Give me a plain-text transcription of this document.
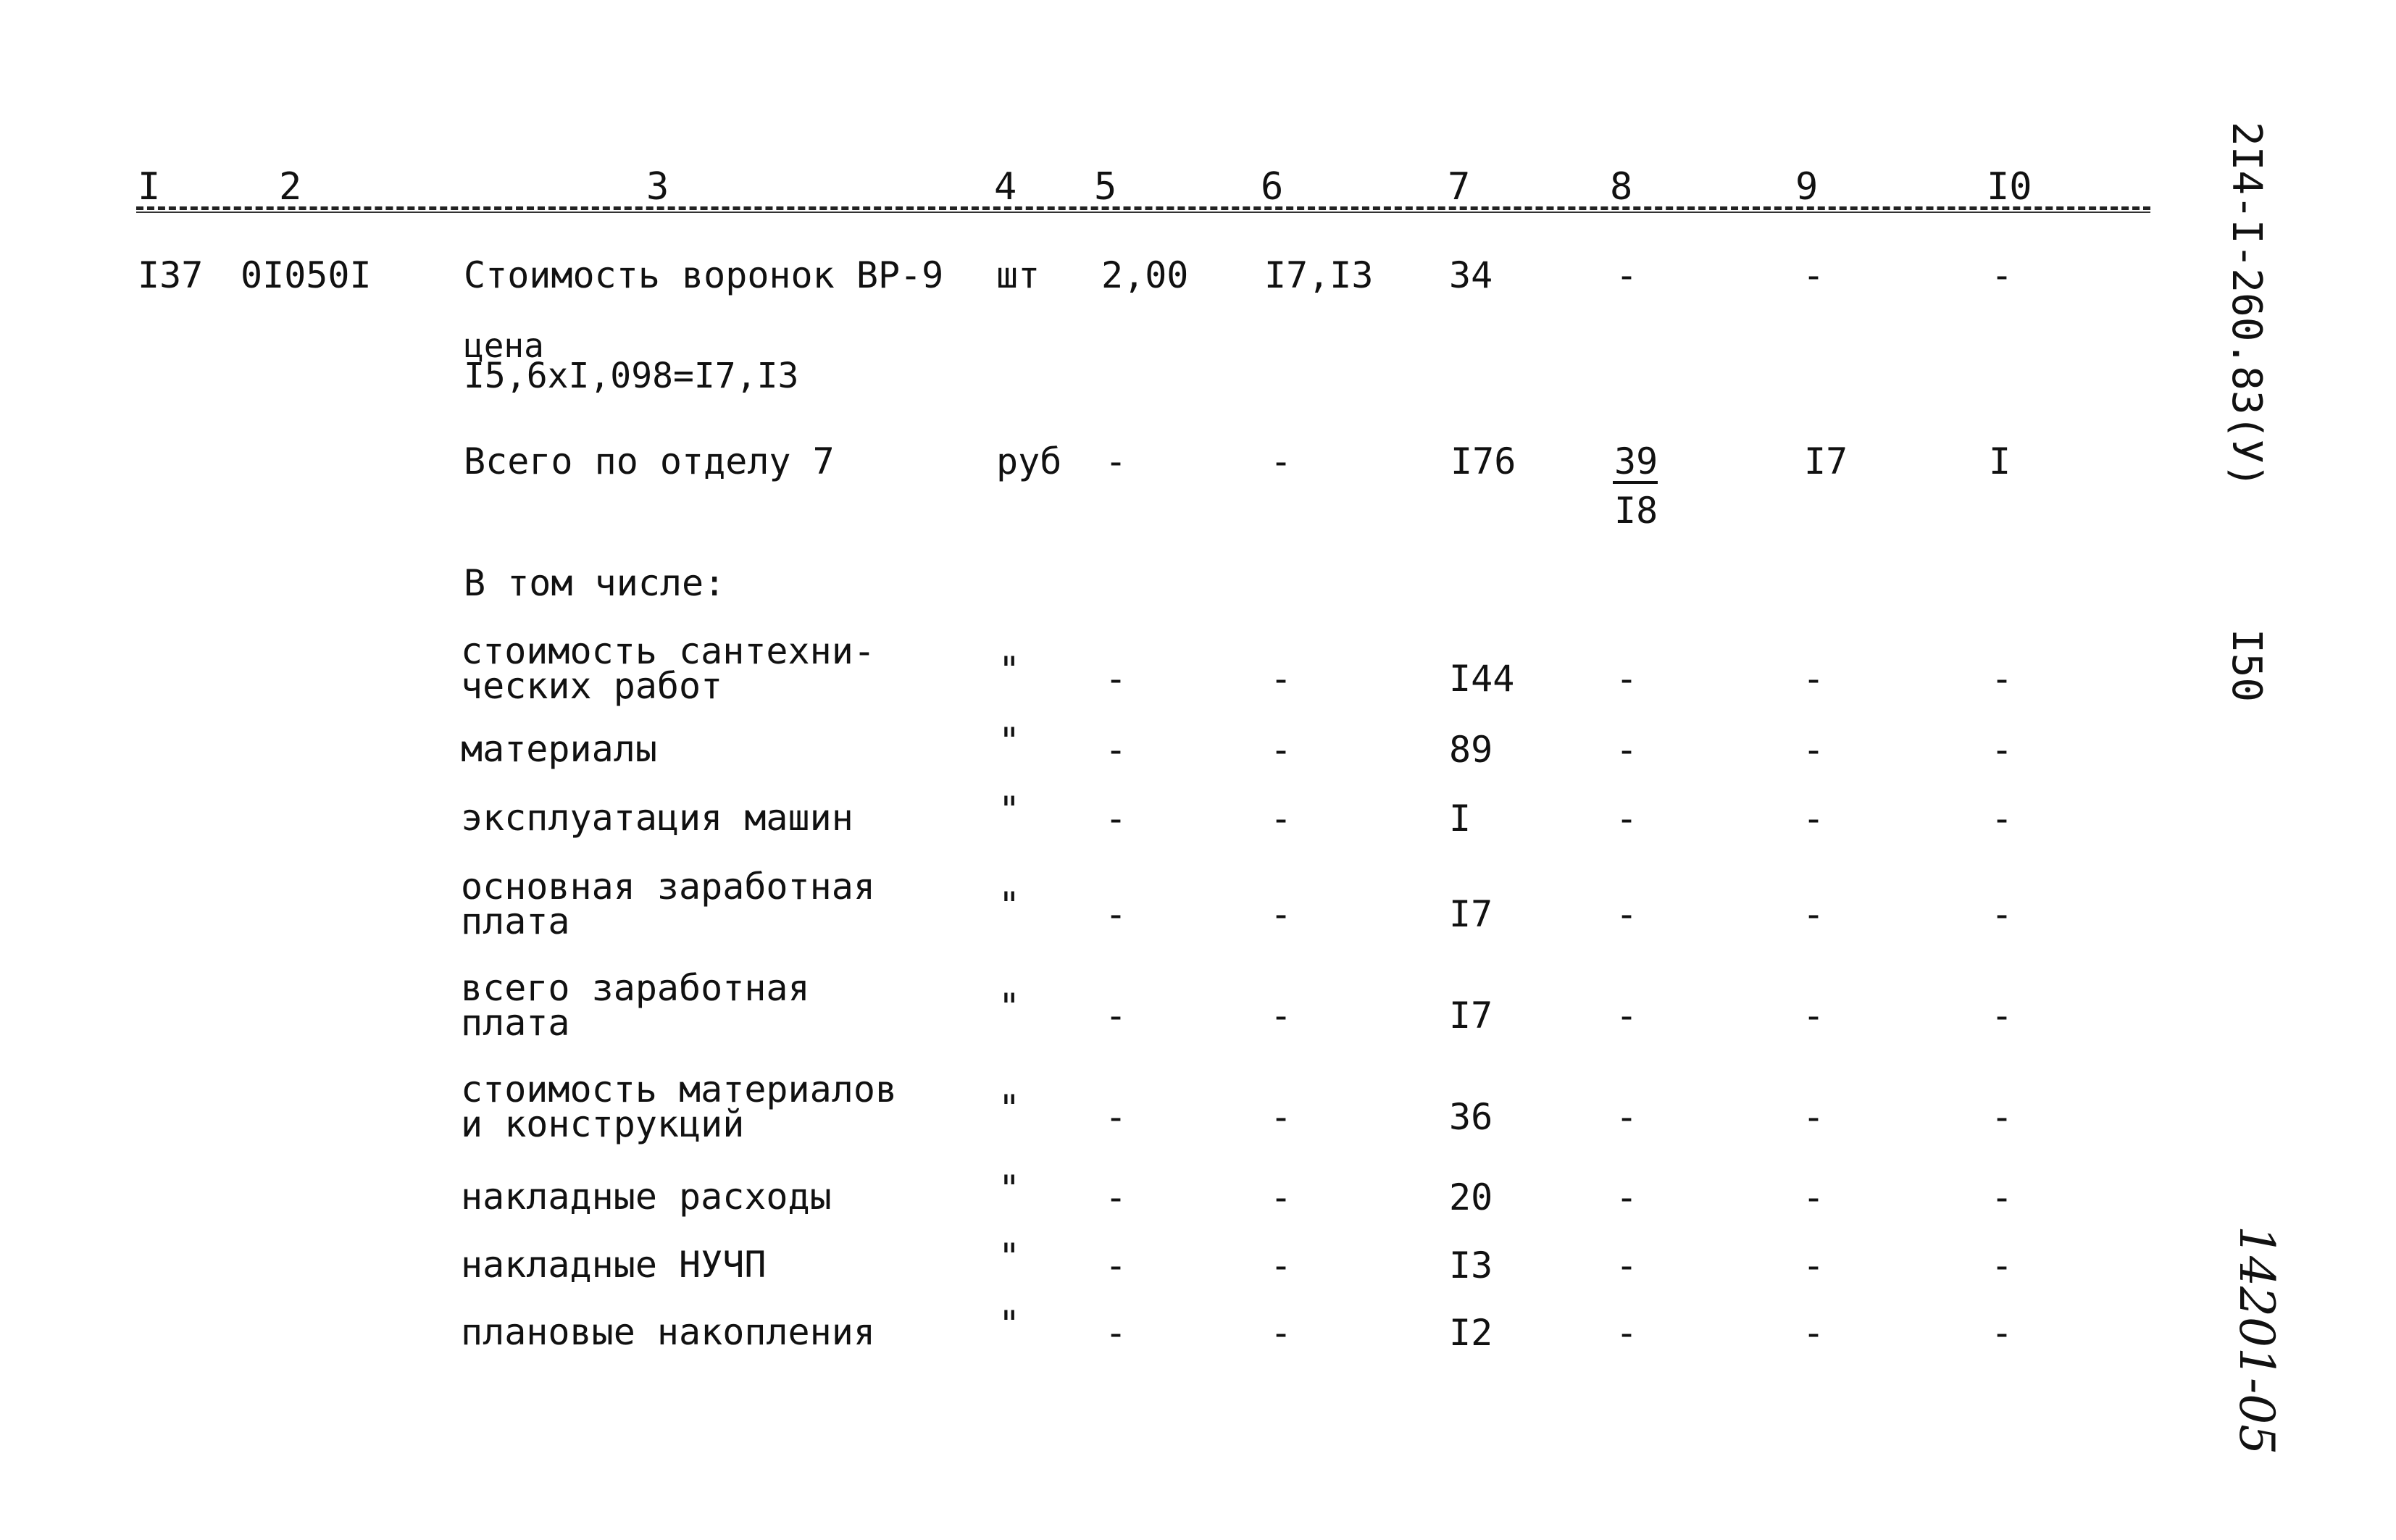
I	2	3	4 5	6	7	8	9	I0
I37 0I050I	Стоимость воронок ВР-9 шт 2,00 I7,I3 34	-	-	-
цена
I5,6хI,098=I7,I3
Всего по отделу 7	руб -	-	I76	39
I8
I7	I
В том числе:
стоимость сантехни-
ческих работ	" -	-	I44	-	-	-
материалы	" -	-	89	-	-	-
эксплуатация машин	" -	-	I	-	-	-
основная заработная
плата	" -	-	I7	-	-	-
всего заработная
плата	" -	-	I7	-	-	-
стоимость материалов
и конструкций	" -	-	36	-	-	-
накладные расходы	" -	-	20	-	-	-
накладные НУЧП	" -	-	I3	-	-	-
плановые накопления	" -	-	I2	-	-	-
2I4-I-260.83(У)
I50
14201-05
